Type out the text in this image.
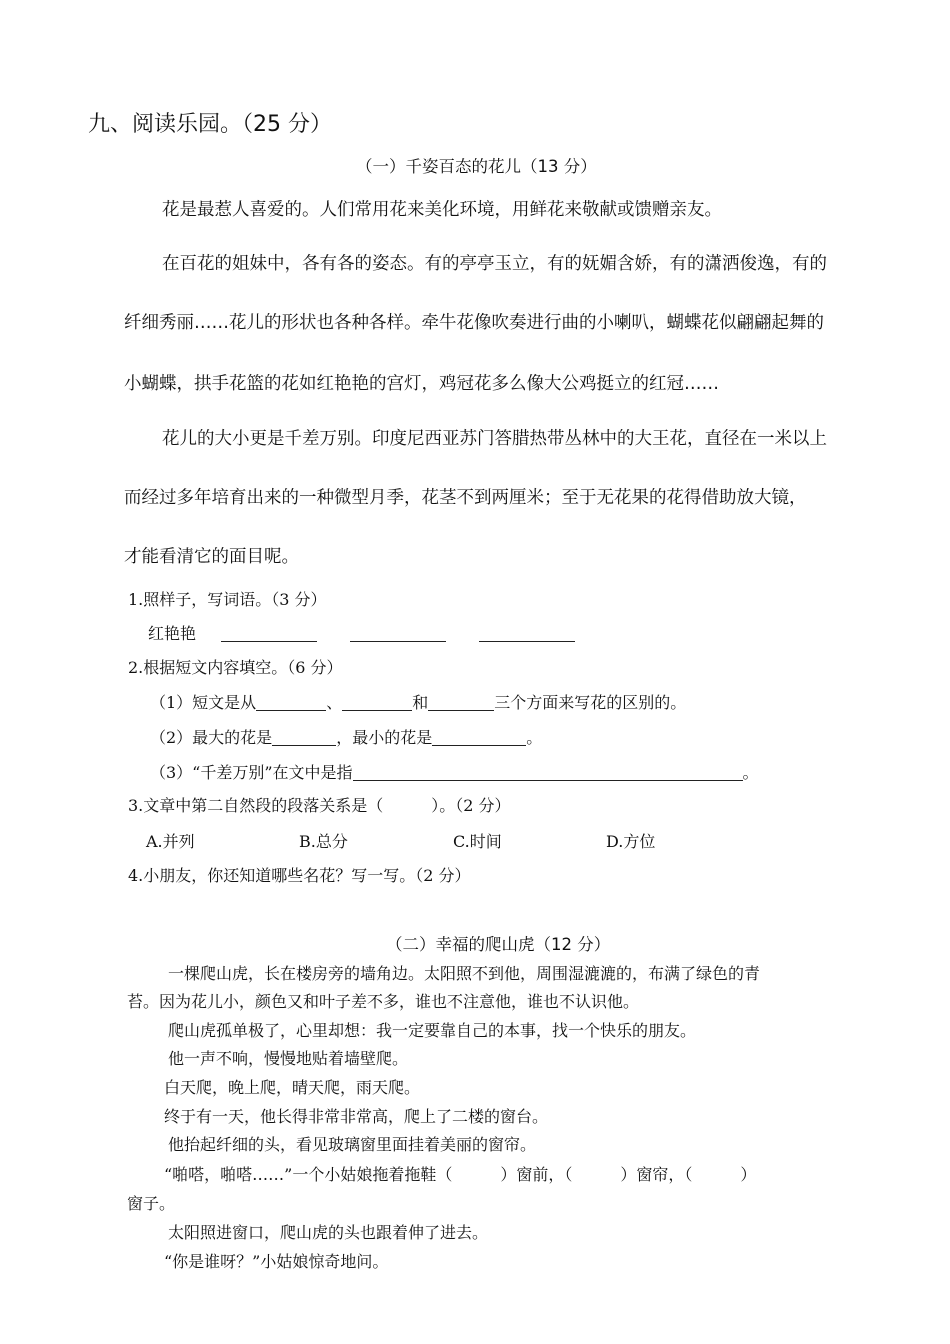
九、阅读乐园。（25 分）
（一）千姿百态的花儿（13 分）
花是最惹人喜爱的。人们常用花来美化环境，用鲜花来敬献或馈赠亲友。
在百花的姐妹中，各有各的姿态。有的亭亭玉立，有的妩媚含娇，有的潇洒俊逸，有的
纤细秀丽……花儿的形状也各种各样。牵牛花像吹奏进行曲的小喇叭，蝴蝶花似翩翩起舞的
小蝴蝶，拱手花篮的花如红艳艳的宫灯，鸡冠花多么像大公鸡挺立的红冠……
花儿的大小更是千差万别。印度尼西亚苏门答腊热带丛林中的大王花，直径在一米以上
而经过多年培育出来的一种微型月季，花茎不到两厘米；至于无花果的花得借助放大镜，
才能看清它的面目呢。
1.照样子，写词语。（3 分）
红艳艳
2.根据短文内容填空。（6 分）
（1）短文是从	、	和	三个方面来写花的区别的。
（2）最大的花是	，最小的花是	。
（3）“千差万别”在文中是指	。
3.文章中第二自然段的段落关系是（　　　）。（2 分）
A.并列	B.总分	C.时间	D.方位
4.小朋友，你还知道哪些名花？写一写。（2 分）
（二）幸福的爬山虎（12 分）
一棵爬山虎，长在楼房旁的墙角边。太阳照不到他，周围湿漉漉的，布满了绿色的青
苔。因为花儿小，颜色又和叶子差不多，谁也不注意他，谁也不认识他。
爬山虎孤单极了，心里却想：我一定要靠自己的本事，找一个快乐的朋友。
他一声不响，慢慢地贴着墙壁爬。
白天爬，晚上爬，晴天爬，雨天爬。
终于有一天，他长得非常非常高，爬上了二楼的窗台。
他抬起纤细的头，看见玻璃窗里面挂着美丽的窗帘。
“啪嗒，啪嗒……”一个小姑娘拖着拖鞋（　　　）窗前，（　　　）窗帘，（　　　）
窗子。
太阳照进窗口，爬山虎的头也跟着伸了进去。
“你是谁呀？”小姑娘惊奇地问。
